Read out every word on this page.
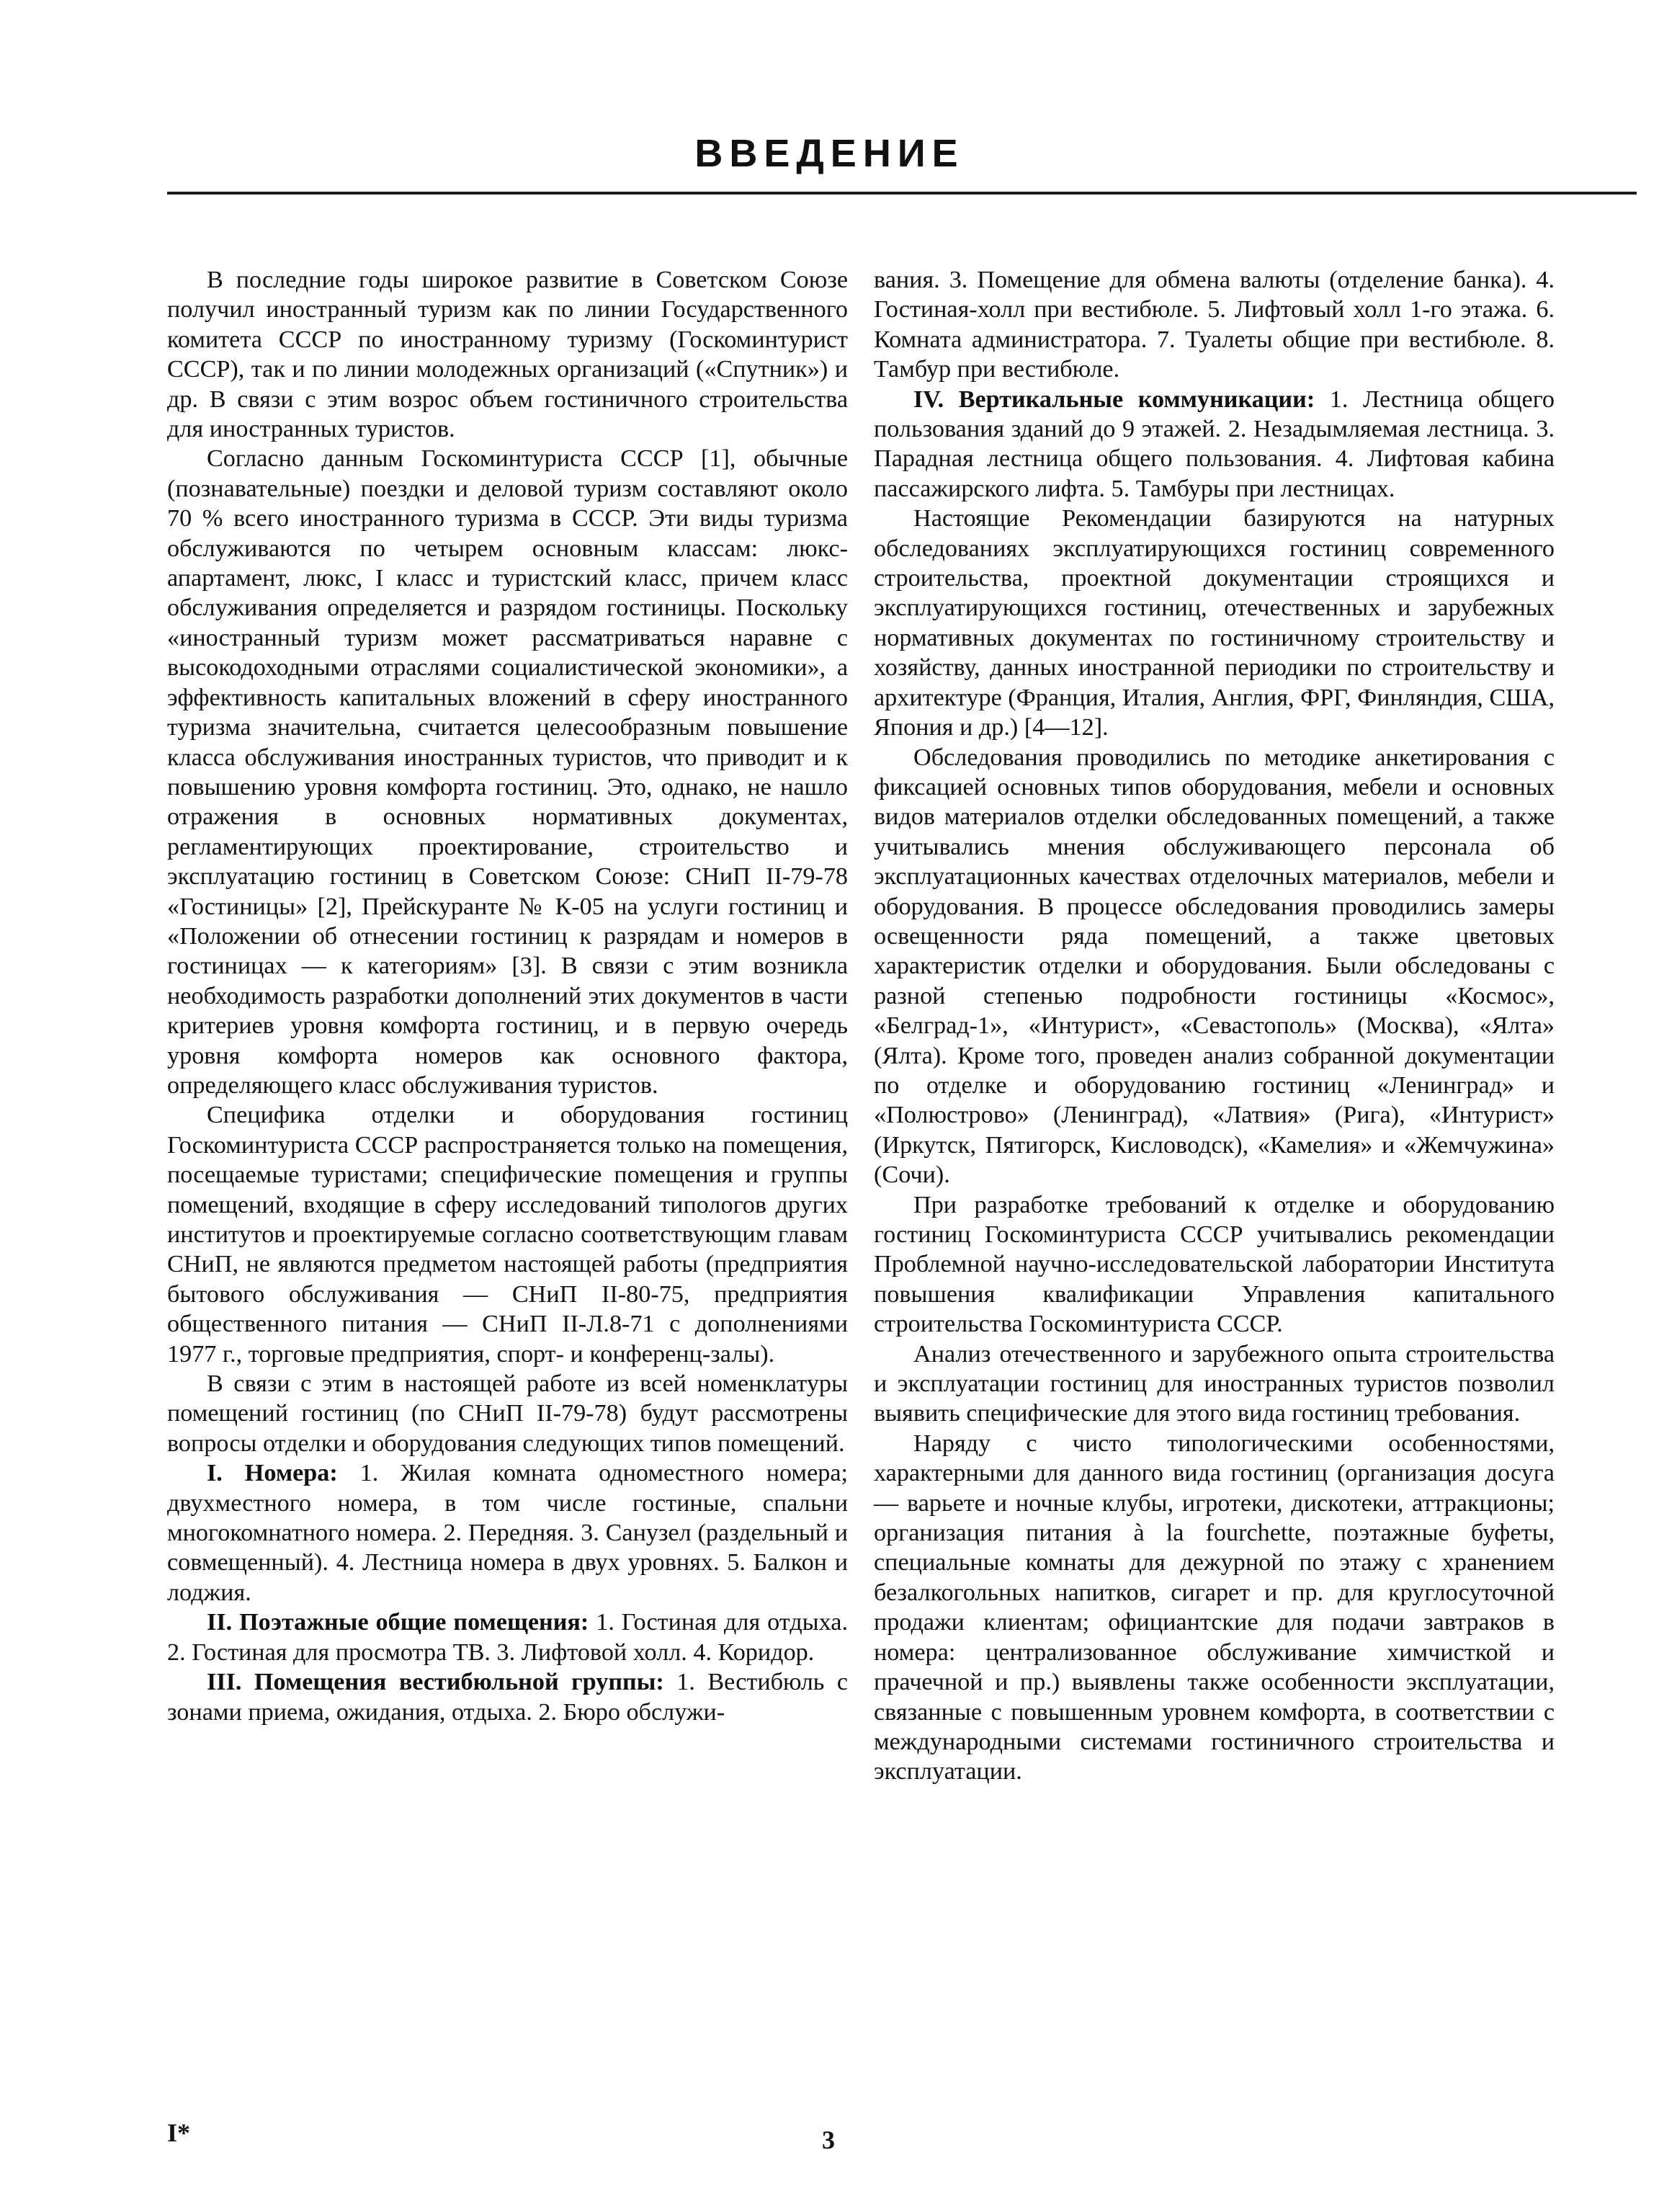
ВВЕДЕНИЕ

В последние годы широкое развитие в Советском Союзе получил иностранный туризм как по линии Государственного комитета СССР по иностранному туризму (Госкоминтурист СССР), так и по линии молодежных организаций («Спутник») и др. В связи с этим возрос объем гостиничного строительства для иностранных туристов.

Согласно данным Госкоминтуриста СССР [1], обычные (познавательные) поездки и деловой туризм составляют около 70 % всего иностранного туризма в СССР. Эти виды туризма обслуживаются по четырем основным классам: люкс-апартамент, люкс, I класс и туристский класс, причем класс обслуживания определяется и разрядом гостиницы. Поскольку «иностранный туризм может рассматриваться наравне с высокодоходными отраслями социалистической экономики», а эффективность капитальных вложений в сферу иностранного туризма значительна, считается целесообразным повышение класса обслуживания иностранных туристов, что приводит и к повышению уровня комфорта гостиниц. Это, однако, не нашло отражения в основных нормативных документах, регламентирующих проектирование, строительство и эксплуатацию гостиниц в Советском Союзе: СНиП II-79-78 «Гостиницы» [2], Прейскуранте № К-05 на услуги гостиниц и «Положении об отнесении гостиниц к разрядам и номеров в гостиницах — к категориям» [3]. В связи с этим возникла необходимость разработки дополнений этих документов в части критериев уровня комфорта гостиниц, и в первую очередь уровня комфорта номеров как основного фактора, определяющего класс обслуживания туристов.

Специфика отделки и оборудования гостиниц Госкоминтуриста СССР распространяется только на помещения, посещаемые туристами; специфические помещения и группы помещений, входящие в сферу исследований типологов других институтов и проектируемые согласно соответствующим главам СНиП, не являются предметом настоящей работы (предприятия бытового обслуживания — СНиП II-80-75, предприятия общественного питания — СНиП II-Л.8-71 с дополнениями 1977 г., торговые предприятия, спорт- и конференц-залы).

В связи с этим в настоящей работе из всей номенклатуры помещений гостиниц (по СНиП II-79-78) будут рассмотрены вопросы отделки и оборудования следующих типов помещений.

I. Номера: 1. Жилая комната одноместного номера; двухместного номера, в том числе гостиные, спальни многокомнатного номера. 2. Передняя. 3. Санузел (раздельный и совмещенный). 4. Лестница номера в двух уровнях. 5. Балкон и лоджия.

II. Поэтажные общие помещения: 1. Гостиная для отдыха. 2. Гостиная для просмотра ТВ. 3. Лифтовой холл. 4. Коридор.

III. Помещения вестибюльной группы: 1. Вестибюль с зонами приема, ожидания, отдыха. 2. Бюро обслужи-

вания. 3. Помещение для обмена валюты (отделение банка). 4. Гостиная-холл при вестибюле. 5. Лифтовый холл 1-го этажа. 6. Комната администратора. 7. Туалеты общие при вестибюле. 8. Тамбур при вестибюле.

IV. Вертикальные коммуникации: 1. Лестница общего пользования зданий до 9 этажей. 2. Незадымляемая лестница. 3. Парадная лестница общего пользования. 4. Лифтовая кабина пассажирского лифта. 5. Тамбуры при лестницах.

Настоящие Рекомендации базируются на натурных обследованиях эксплуатирующихся гостиниц современного строительства, проектной документации строящихся и эксплуатирующихся гостиниц, отечественных и зарубежных нормативных документах по гостиничному строительству и хозяйству, данных иностранной периодики по строительству и архитектуре (Франция, Италия, Англия, ФРГ, Финляндия, США, Япония и др.) [4—12].

Обследования проводились по методике анкетирования с фиксацией основных типов оборудования, мебели и основных видов материалов отделки обследованных помещений, а также учитывались мнения обслуживающего персонала об эксплуатационных качествах отделочных материалов, мебели и оборудования. В процессе обследования проводились замеры освещенности ряда помещений, а также цветовых характеристик отделки и оборудования. Были обследованы с разной степенью подробности гостиницы «Космос», «Белград-1», «Интурист», «Севастополь» (Москва), «Ялта» (Ялта). Кроме того, проведен анализ собранной документации по отделке и оборудованию гостиниц «Ленинград» и «Полюстрово» (Ленинград), «Латвия» (Рига), «Интурист» (Иркутск, Пятигорск, Кисловодск), «Камелия» и «Жемчужина» (Сочи).

При разработке требований к отделке и оборудованию гостиниц Госкоминтуриста СССР учитывались рекомендации Проблемной научно-исследовательской лаборатории Института повышения квалификации Управления капитального строительства Госкоминтуриста СССР.

Анализ отечественного и зарубежного опыта строительства и эксплуатации гостиниц для иностранных туристов позволил выявить специфические для этого вида гостиниц требования.

Наряду с чисто типологическими особенностями, характерными для данного вида гостиниц (организация досуга — варьете и ночные клубы, игротеки, дискотеки, аттракционы; организация питания à la fourchette, поэтажные буфеты, специальные комнаты для дежурной по этажу с хранением безалкогольных напитков, сигарет и пр. для круглосуточной продажи клиентам; официантские для подачи завтраков в номера: централизованное обслуживание химчисткой и прачечной и пр.) выявлены также особенности эксплуатации, связанные с повышенным уровнем комфорта, в соответствии с международными системами гостиничного строительства и эксплуатации.

I*	3
